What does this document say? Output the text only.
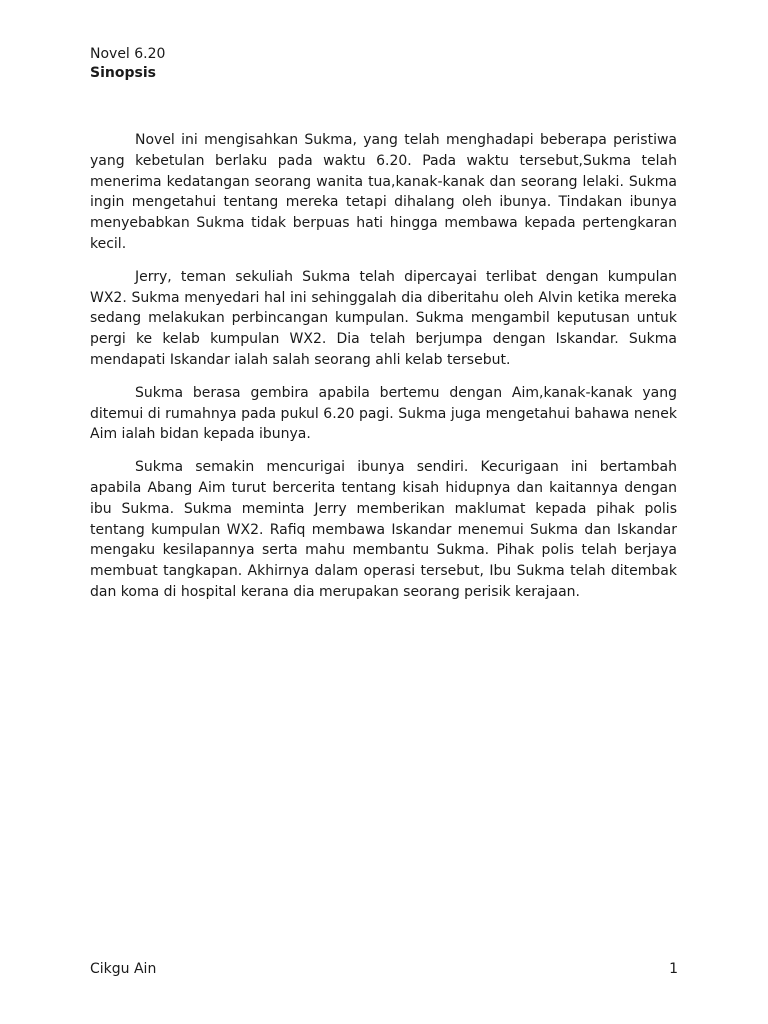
Novel 6.20

Sinopsis

Novel ini mengisahkan Sukma, yang telah menghadapi beberapa peristiwa yang kebetulan berlaku pada waktu 6.20. Pada waktu tersebut,Sukma telah menerima kedatangan seorang wanita tua,kanak-kanak dan seorang lelaki. Sukma ingin mengetahui tentang mereka tetapi dihalang oleh ibunya. Tindakan ibunya menyebabkan Sukma tidak berpuas hati hingga membawa kepada pertengkaran kecil.

Jerry, teman sekuliah Sukma telah dipercayai terlibat dengan kumpulan WX2. Sukma menyedari hal ini sehinggalah dia diberitahu oleh Alvin ketika mereka sedang melakukan perbincangan kumpulan. Sukma mengambil keputusan untuk pergi ke kelab kumpulan WX2. Dia telah berjumpa dengan Iskandar. Sukma mendapati Iskandar ialah salah seorang ahli kelab tersebut.

Sukma berasa gembira apabila bertemu dengan Aim,kanak-kanak yang ditemui di rumahnya pada pukul 6.20 pagi. Sukma juga mengetahui bahawa nenek Aim ialah bidan kepada ibunya.

Sukma semakin mencurigai ibunya sendiri. Kecurigaan ini bertambah apabila Abang Aim turut bercerita tentang kisah hidupnya dan kaitannya dengan ibu Sukma. Sukma meminta Jerry memberikan maklumat kepada pihak polis tentang kumpulan WX2. Rafiq membawa Iskandar menemui Sukma dan Iskandar mengaku kesilapannya serta mahu membantu Sukma. Pihak polis telah berjaya membuat tangkapan. Akhirnya dalam operasi tersebut, Ibu Sukma telah ditembak dan koma di hospital kerana dia merupakan seorang perisik kerajaan.

Cikgu Ain	1
